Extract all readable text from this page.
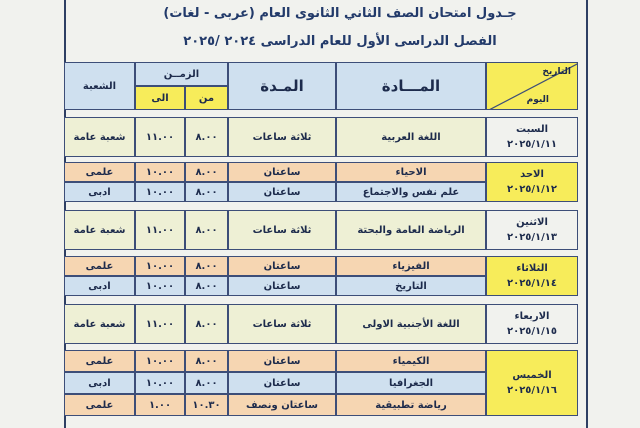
جـدول امتحان الصف الثاني الثانوى العام (عربى - لغات)
الفصل الدراسى الأول للعام الدراسى ٢٠٢٤ /٢٠٢٥
التاريخ
اليوم
المـــادة
المـدة
الزمــن
من
الى
الشعبة
السبت
٢٠٢٥/١/١١
الاحد
٢٠٢٥/١/١٢
الاثنين
٢٠٢٥/١/١٣
الثلاثاء
٢٠٢٥/١/١٤
الاربعاء
٢٠٢٥/١/١٥
الخميس
٢٠٢٥/١/١٦
اللغة العربية
ثلاثة ساعات
٨.٠٠
١١.٠٠
شعبة عامة
الاحياء
ساعتان
٨.٠٠
١٠.٠٠
علمى
علم نفس والاجتماع
ساعتان
٨.٠٠
١٠.٠٠
ادبى
الرياضة العامة والبحتة
ثلاثة ساعات
٨.٠٠
١١.٠٠
شعبة عامة
الفيزياء
ساعتان
٨.٠٠
١٠.٠٠
علمى
التاريخ
ساعتان
٨.٠٠
١٠.٠٠
ادبى
اللغة الأجنبية الاولى
ثلاثة ساعات
٨.٠٠
١١.٠٠
شعبة عامة
الكيمياء
ساعتان
٨.٠٠
١٠.٠٠
علمى
الجغرافيا
ساعتان
٨.٠٠
١٠.٠٠
ادبى
رياضة تطبيقية
ساعتان ونصف
١٠.٣٠
١.٠٠
علمى
